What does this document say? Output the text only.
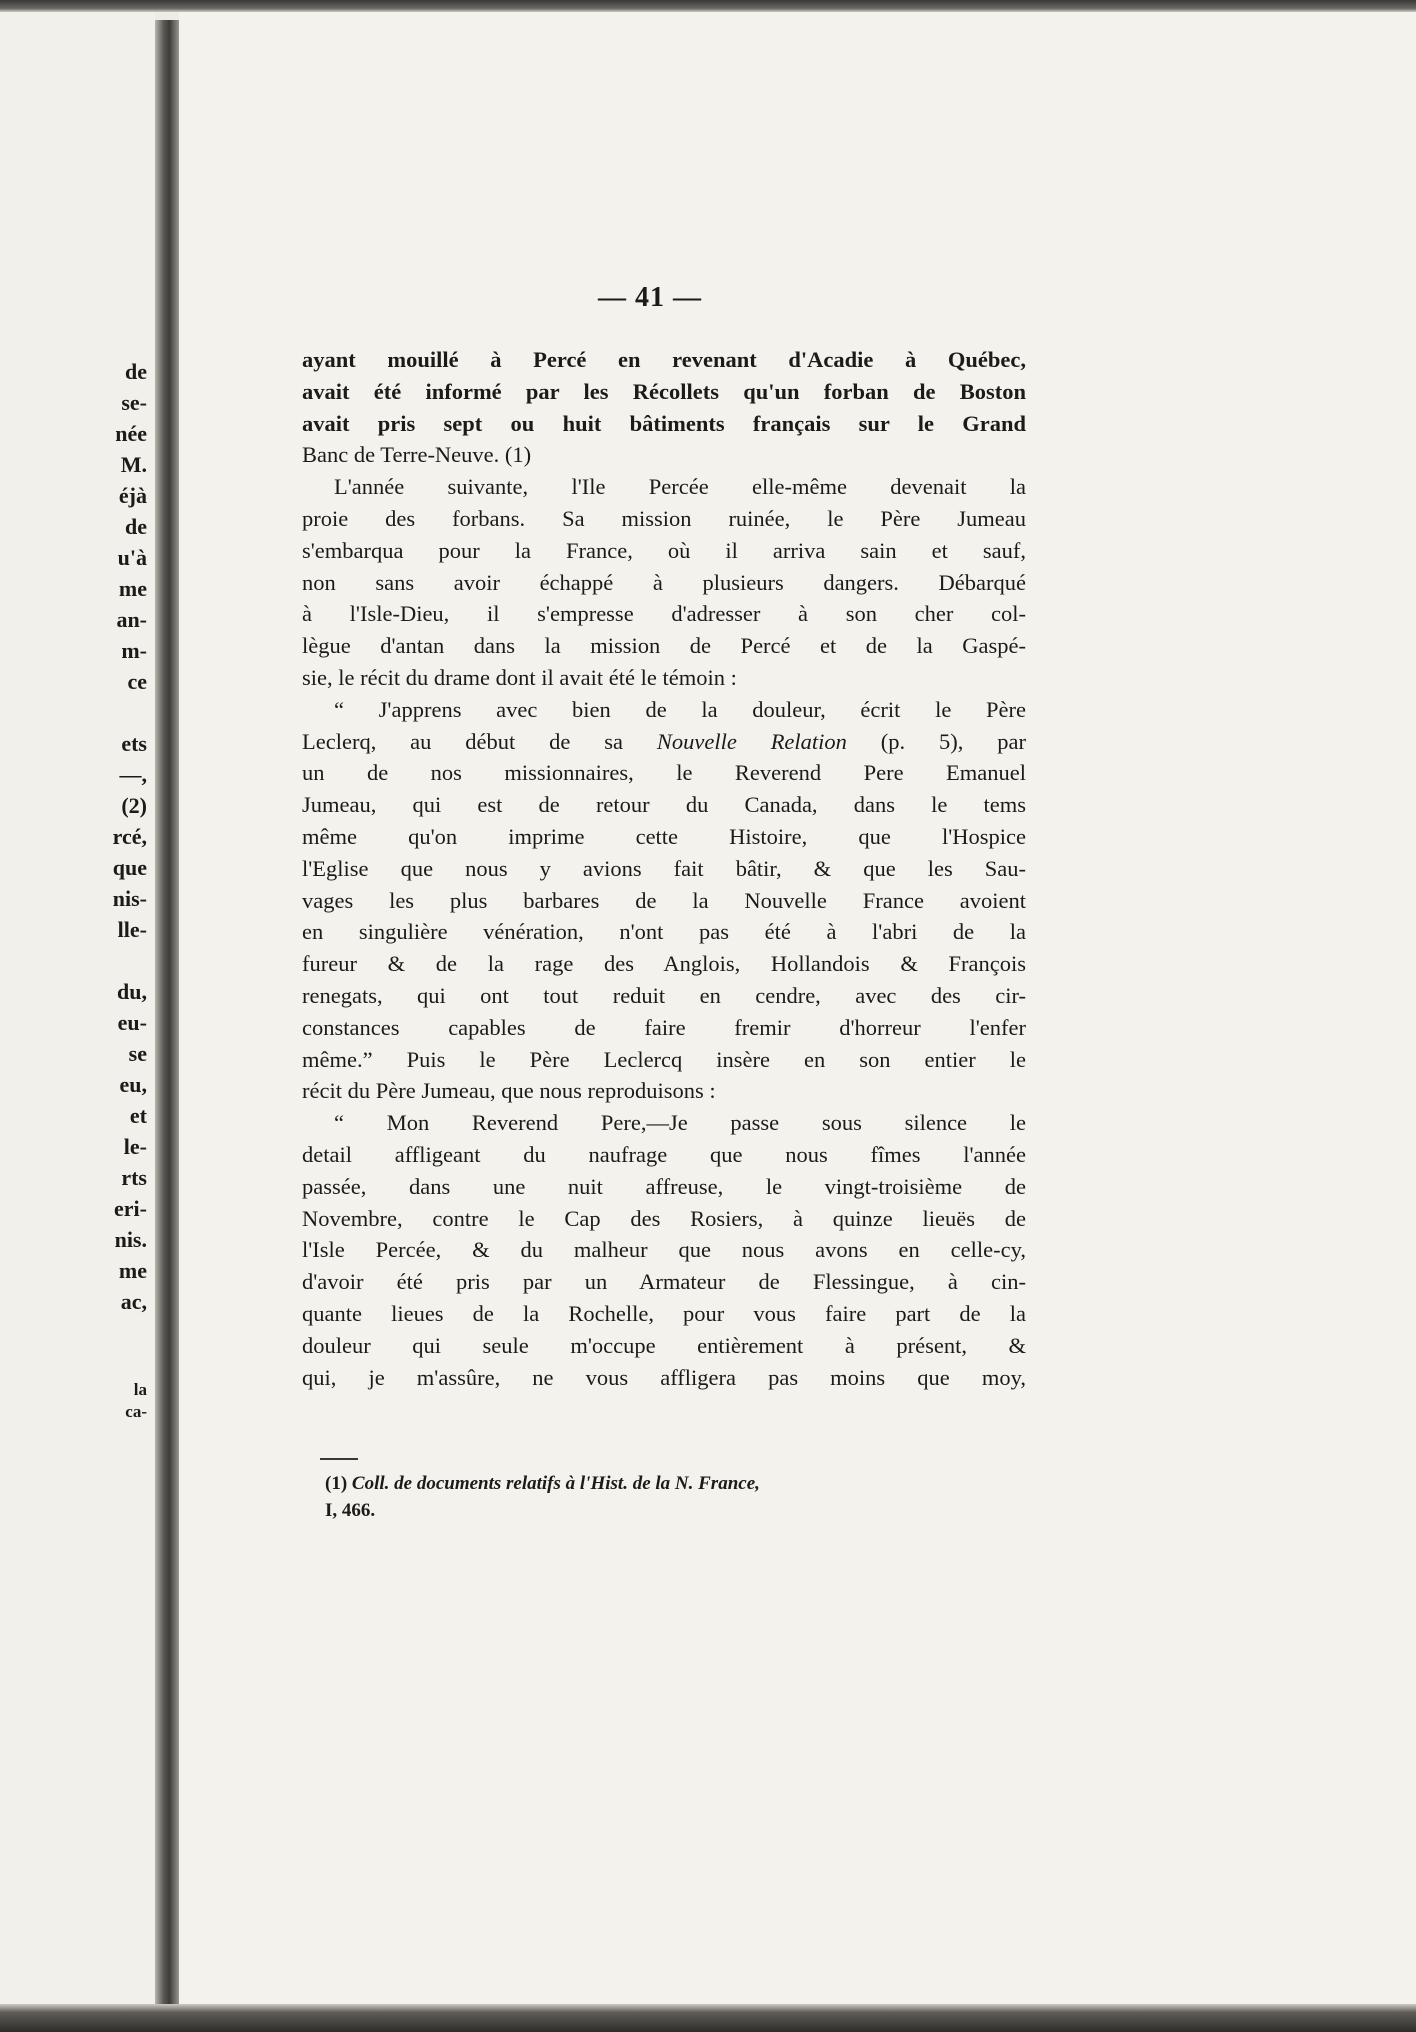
de
se-
née
M.
éjà
de
u'à
me
an-
m-
ce
ets
—,
(2)
rcé,
que
nis-
lle-
du,
eu-
se
eu,
et
le-
rts
eri-
nis.
me
ac,
la
ca-
— 41 —
ayant mouillé à Percé en revenant d'Acadie à Québec,
avait été informé par les Récollets qu'un forban de Boston
avait pris sept ou huit bâtiments français sur le Grand
Banc de Terre-Neuve. (1)
L'année suivante, l'Ile Percée elle-même devenait la
proie des forbans. Sa mission ruinée, le Père Jumeau
s'embarqua pour la France, où il arriva sain et sauf,
non sans avoir échappé à plusieurs dangers. Débarqué
à l'Isle-Dieu, il s'empresse d'adresser à son cher col-
lègue d'antan dans la mission de Percé et de la Gaspé-
sie, le récit du drame dont il avait été le témoin :
“ J'apprens avec bien de la douleur, écrit le Père
Leclerq, au début de sa Nouvelle Relation (p. 5), par
un de nos missionnaires, le Reverend Pere Emanuel
Jumeau, qui est de retour du Canada, dans le tems
même qu'on imprime cette Histoire, que l'Hospice
l'Eglise que nous y avions fait bâtir, & que les Sau-
vages les plus barbares de la Nouvelle France avoient
en singulière vénération, n'ont pas été à l'abri de la
fureur & de la rage des Anglois, Hollandois & François
renegats, qui ont tout reduit en cendre, avec des cir-
constances capables de faire fremir d'horreur l'enfer
même.” Puis le Père Leclercq insère en son entier le
récit du Père Jumeau, que nous reproduisons :
“ Mon Reverend Pere,—Je passe sous silence le
detail affligeant du naufrage que nous fîmes l'année
passée, dans une nuit affreuse, le vingt-troisième de
Novembre, contre le Cap des Rosiers, à quinze lieuës de
l'Isle Percée, & du malheur que nous avons en celle-cy,
d'avoir été pris par un Armateur de Flessingue, à cin-
quante lieues de la Rochelle, pour vous faire part de la
douleur qui seule m'occupe entièrement à présent, &
qui, je m'assûre, ne vous affligera pas moins que moy,
(1) Coll. de documents relatifs à l'Hist. de la N. France,
I, 466.
